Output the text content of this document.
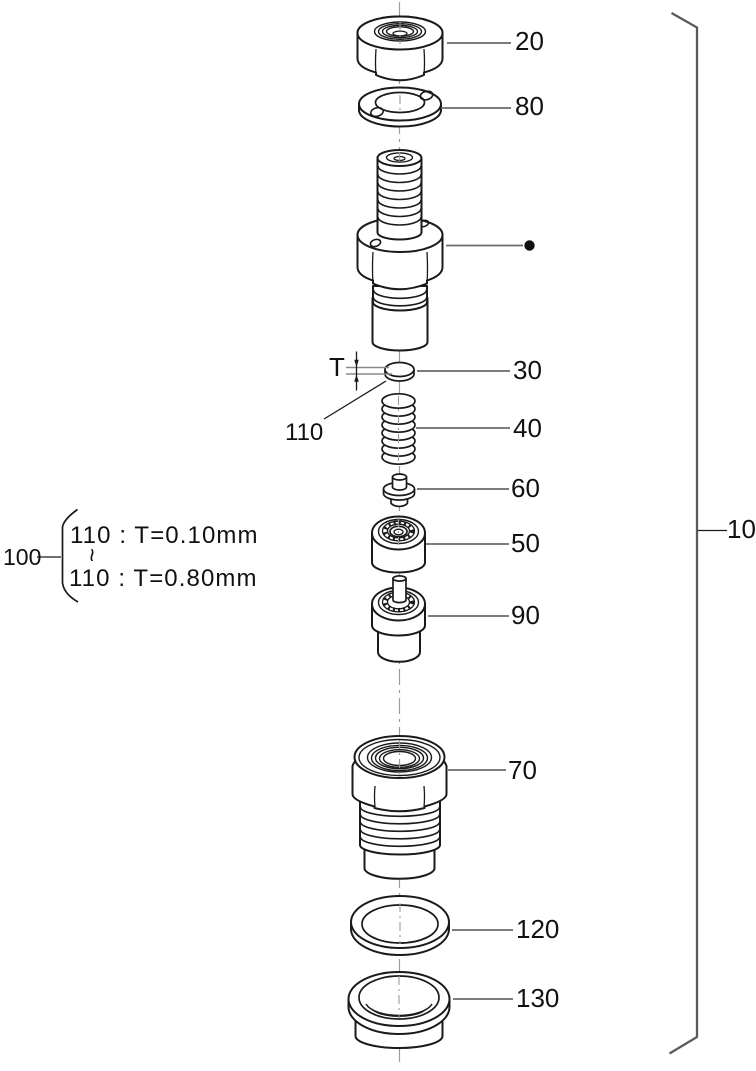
110 : T=0.10mm
110 : T=0.80mm
~
20
80
30
40
60
50
90
70
120
130
10
110
T
100
